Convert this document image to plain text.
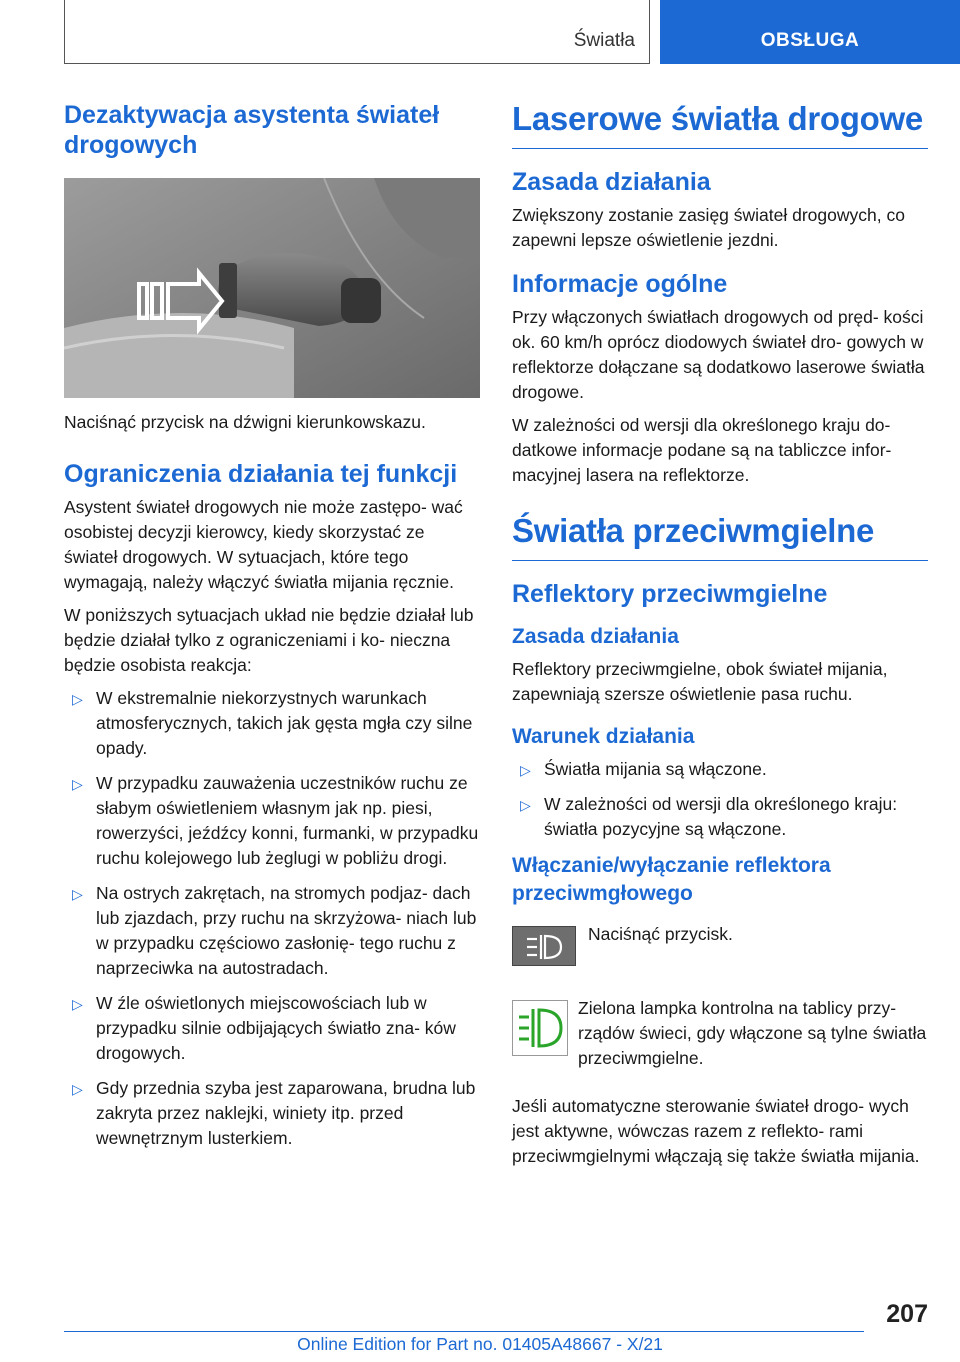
Światła	OBSŁUGA
Dezaktywacja asystenta świateł drogowych

Naciśnąć przycisk na dźwigni kierunkowskazu.

Ograniczenia działania tej funkcji

Asystent świateł drogowych nie może zastępo- wać osobistej decyzji kierowcy, kiedy skorzystać ze świateł drogowych. W sytuacjach, które tego wymagają, należy włączyć światła mijania ręcznie.

W poniższych sytuacjach układ nie będzie działał lub będzie działał tylko z ograniczeniami i ko- nieczna będzie osobista reakcja:

▷ W ekstremalnie niekorzystnych warunkach atmosferycznych, takich jak gęsta mgła czy silne opady.
▷ W przypadku zauważenia uczestników ruchu ze słabym oświetleniem własnym jak np. piesi, rowerzyści, jeźdźcy konni, furmanki, w przypadku ruchu kolejowego lub żeglugi w pobliżu drogi.
▷ Na ostrych zakrętach, na stromych podjaz- dach lub zjazdach, przy ruchu na skrzyżowa- niach lub w przypadku częściowo zasłonię- tego ruchu z naprzeciwka na autostradach.
▷ W źle oświetlonych miejscowościach lub w przypadku silnie odbijających światło zna- ków drogowych.
▷ Gdy przednia szyba jest zaparowana, brudna lub zakryta przez naklejki, winiety itp. przed wewnętrznym lusterkiem.
Laserowe światła drogowe
Zasada działania

Zwiększony zostanie zasięg świateł drogowych, co zapewni lepsze oświetlenie jezdni.

Informacje ogólne

Przy włączonych światłach drogowych od pręd- kości ok. 60 km/h oprócz diodowych świateł dro- gowych w reflektorze dołączane są dodatkowo laserowe światła drogowe.

W zależności od wersji dla określonego kraju do- datkowe informacje podane są na tabliczce infor- macyjnej lasera na reflektorze.

Światła przeciwmgielne
Reflektory przeciwmgielne
Zasada działania

Reflektory przeciwmgielne, obok świateł mijania, zapewniają szersze oświetlenie pasa ruchu.

Warunek działania
▷ Światła mijania są włączone.
▷ W zależności od wersji dla określonego kraju: światła pozycyjne są włączone.
Włączanie/wyłączanie reflektora przeciwmgłowego

Naciśnąć przycisk.

Zielona lampka kontrolna na tablicy przy- rządów świeci, gdy włączone są tylne światła przeciwmgielne.

Jeśli automatyczne sterowanie świateł drogo- wych jest aktywne, wówczas razem z reflekto- rami przeciwmgielnymi włączają się także światła mijania.

207
Online Edition for Part no. 01405A48667 - X/21
